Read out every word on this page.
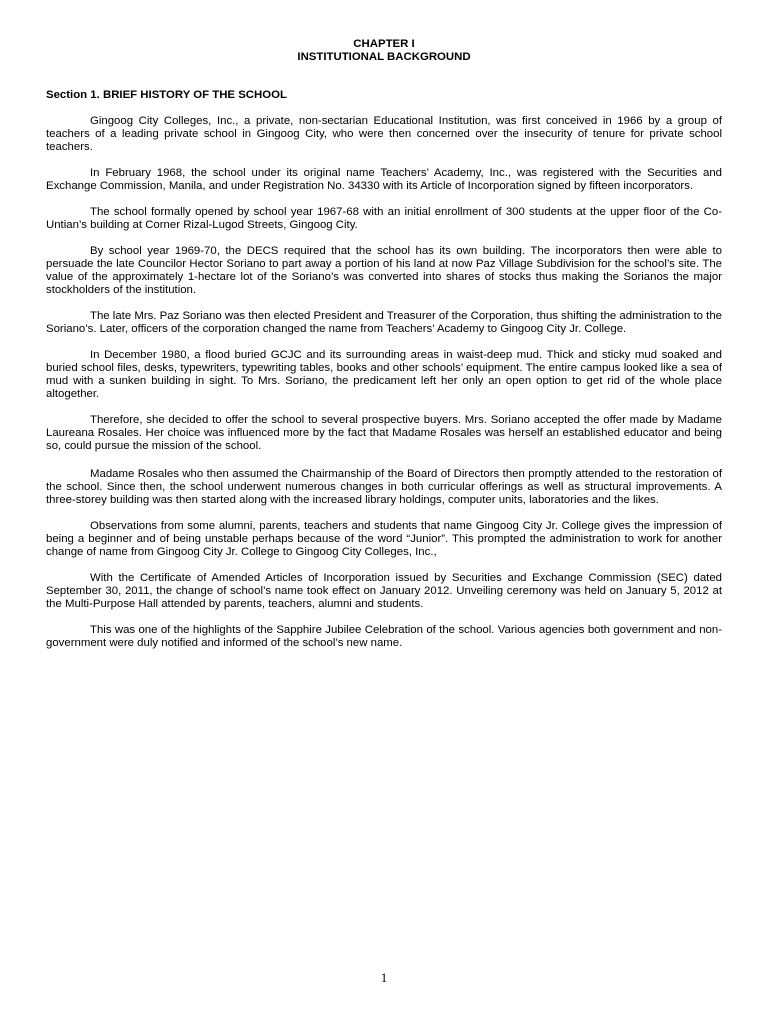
CHAPTER I

INSTITUTIONAL BACKGROUND

Section 1. BRIEF HISTORY OF THE SCHOOL

Gingoog City Colleges, Inc., a private, non-sectarian Educational Institution, was first conceived in 1966 by a group of teachers of a leading private school in Gingoog City, who were then concerned over the insecurity of tenure for private school teachers.

In February 1968, the school under its original name Teachers’ Academy, Inc., was registered with the Securities and Exchange Commission, Manila, and under Registration No. 34330 with its Article of Incorporation signed by fifteen incorporators.

The school formally opened by school year 1967-68 with an initial enrollment of 300 students at the upper floor of the Co-Untian’s building at Corner Rizal-Lugod Streets, Gingoog City.

By school year 1969-70, the DECS required that the school has its own building. The incorporators then were able to persuade the late Councilor Hector Soriano to part away a portion of his land at now Paz Village Subdivision for the school’s site. The value of the approximately 1-hectare lot of the Soriano’s was converted into shares of stocks thus making the Sorianos the major stockholders of the institution.

The late Mrs. Paz Soriano was then elected President and Treasurer of the Corporation, thus shifting the administration to the Soriano’s. Later, officers of the corporation changed the name from Teachers’ Academy to Gingoog City Jr. College.

In December 1980, a flood buried GCJC and its surrounding areas in waist-deep mud. Thick and sticky mud soaked and buried school files, desks, typewriters, typewriting tables, books and other schools’ equipment. The entire campus looked like a sea of mud with a sunken building in sight. To Mrs. Soriano, the predicament left her only an open option to get rid of the whole place altogether.

Therefore, she decided to offer the school to several prospective buyers. Mrs. Soriano accepted the offer made by Madame Laureana Rosales. Her choice was influenced more by the fact that Madame Rosales was herself an established educator and being so, could pursue the mission of the school.

Madame Rosales who then assumed the Chairmanship of the Board of Directors then promptly attended to the restoration of the school. Since then, the school underwent numerous changes in both curricular offerings as well as structural improvements. A three-storey building was then started along with the increased library holdings, computer units, laboratories and the likes.

Observations from some alumni, parents, teachers and students that name Gingoog City Jr. College gives the impression of being a beginner and of being unstable perhaps because of the word “Junior”. This prompted the administration to work for another change of name from Gingoog City Jr. College to Gingoog City Colleges, Inc.,

With the Certificate of Amended Articles of Incorporation issued by Securities and Exchange Commission (SEC) dated September 30, 2011, the change of school’s name took effect on January 2012. Unveiling ceremony was held on January 5, 2012 at the Multi-Purpose Hall attended by parents, teachers, alumni and students.

This was one of the highlights of the Sapphire Jubilee Celebration of the school. Various agencies both government and non-government were duly notified and informed of the school’s new name.

1
